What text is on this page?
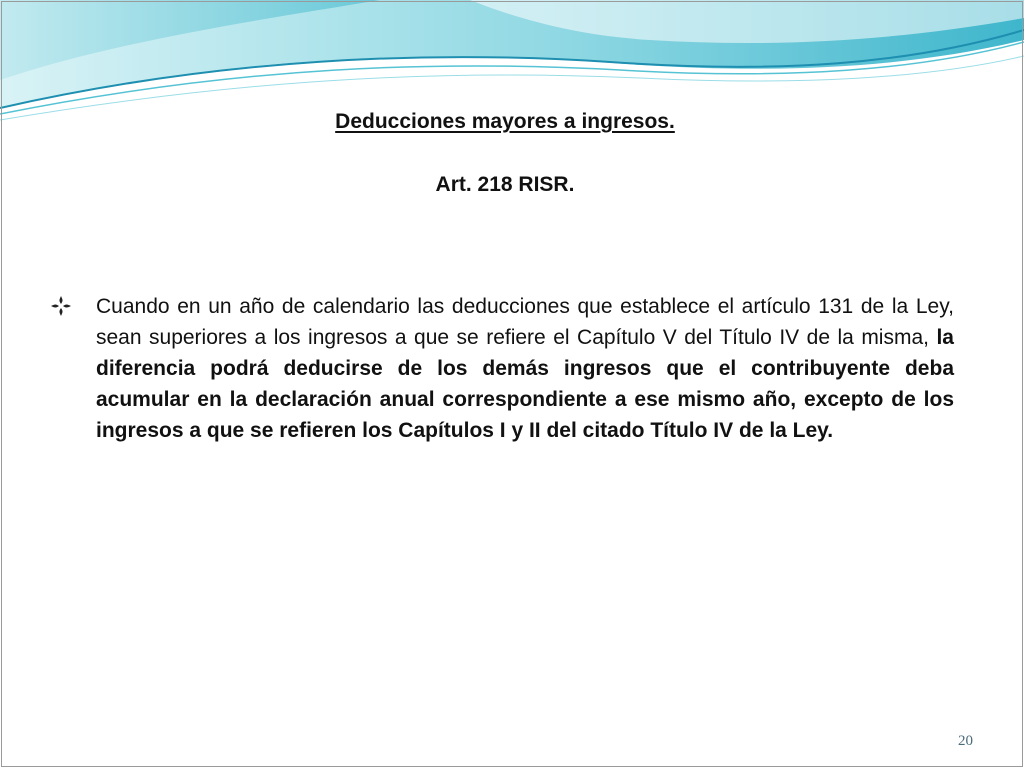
Deducciones mayores a ingresos.

Art. 218 RISR.

Cuando en un año de calendario las deducciones que establece el artículo 131 de la Ley, sean superiores a los ingresos a que se refiere el Capítulo V del Título IV de la misma, la diferencia podrá deducirse de los demás ingresos que el contribuyente deba acumular en la declaración anual correspondiente a ese mismo año, excepto de los ingresos a que se refieren los Capítulos I y II del citado Título IV de la Ley.
20
